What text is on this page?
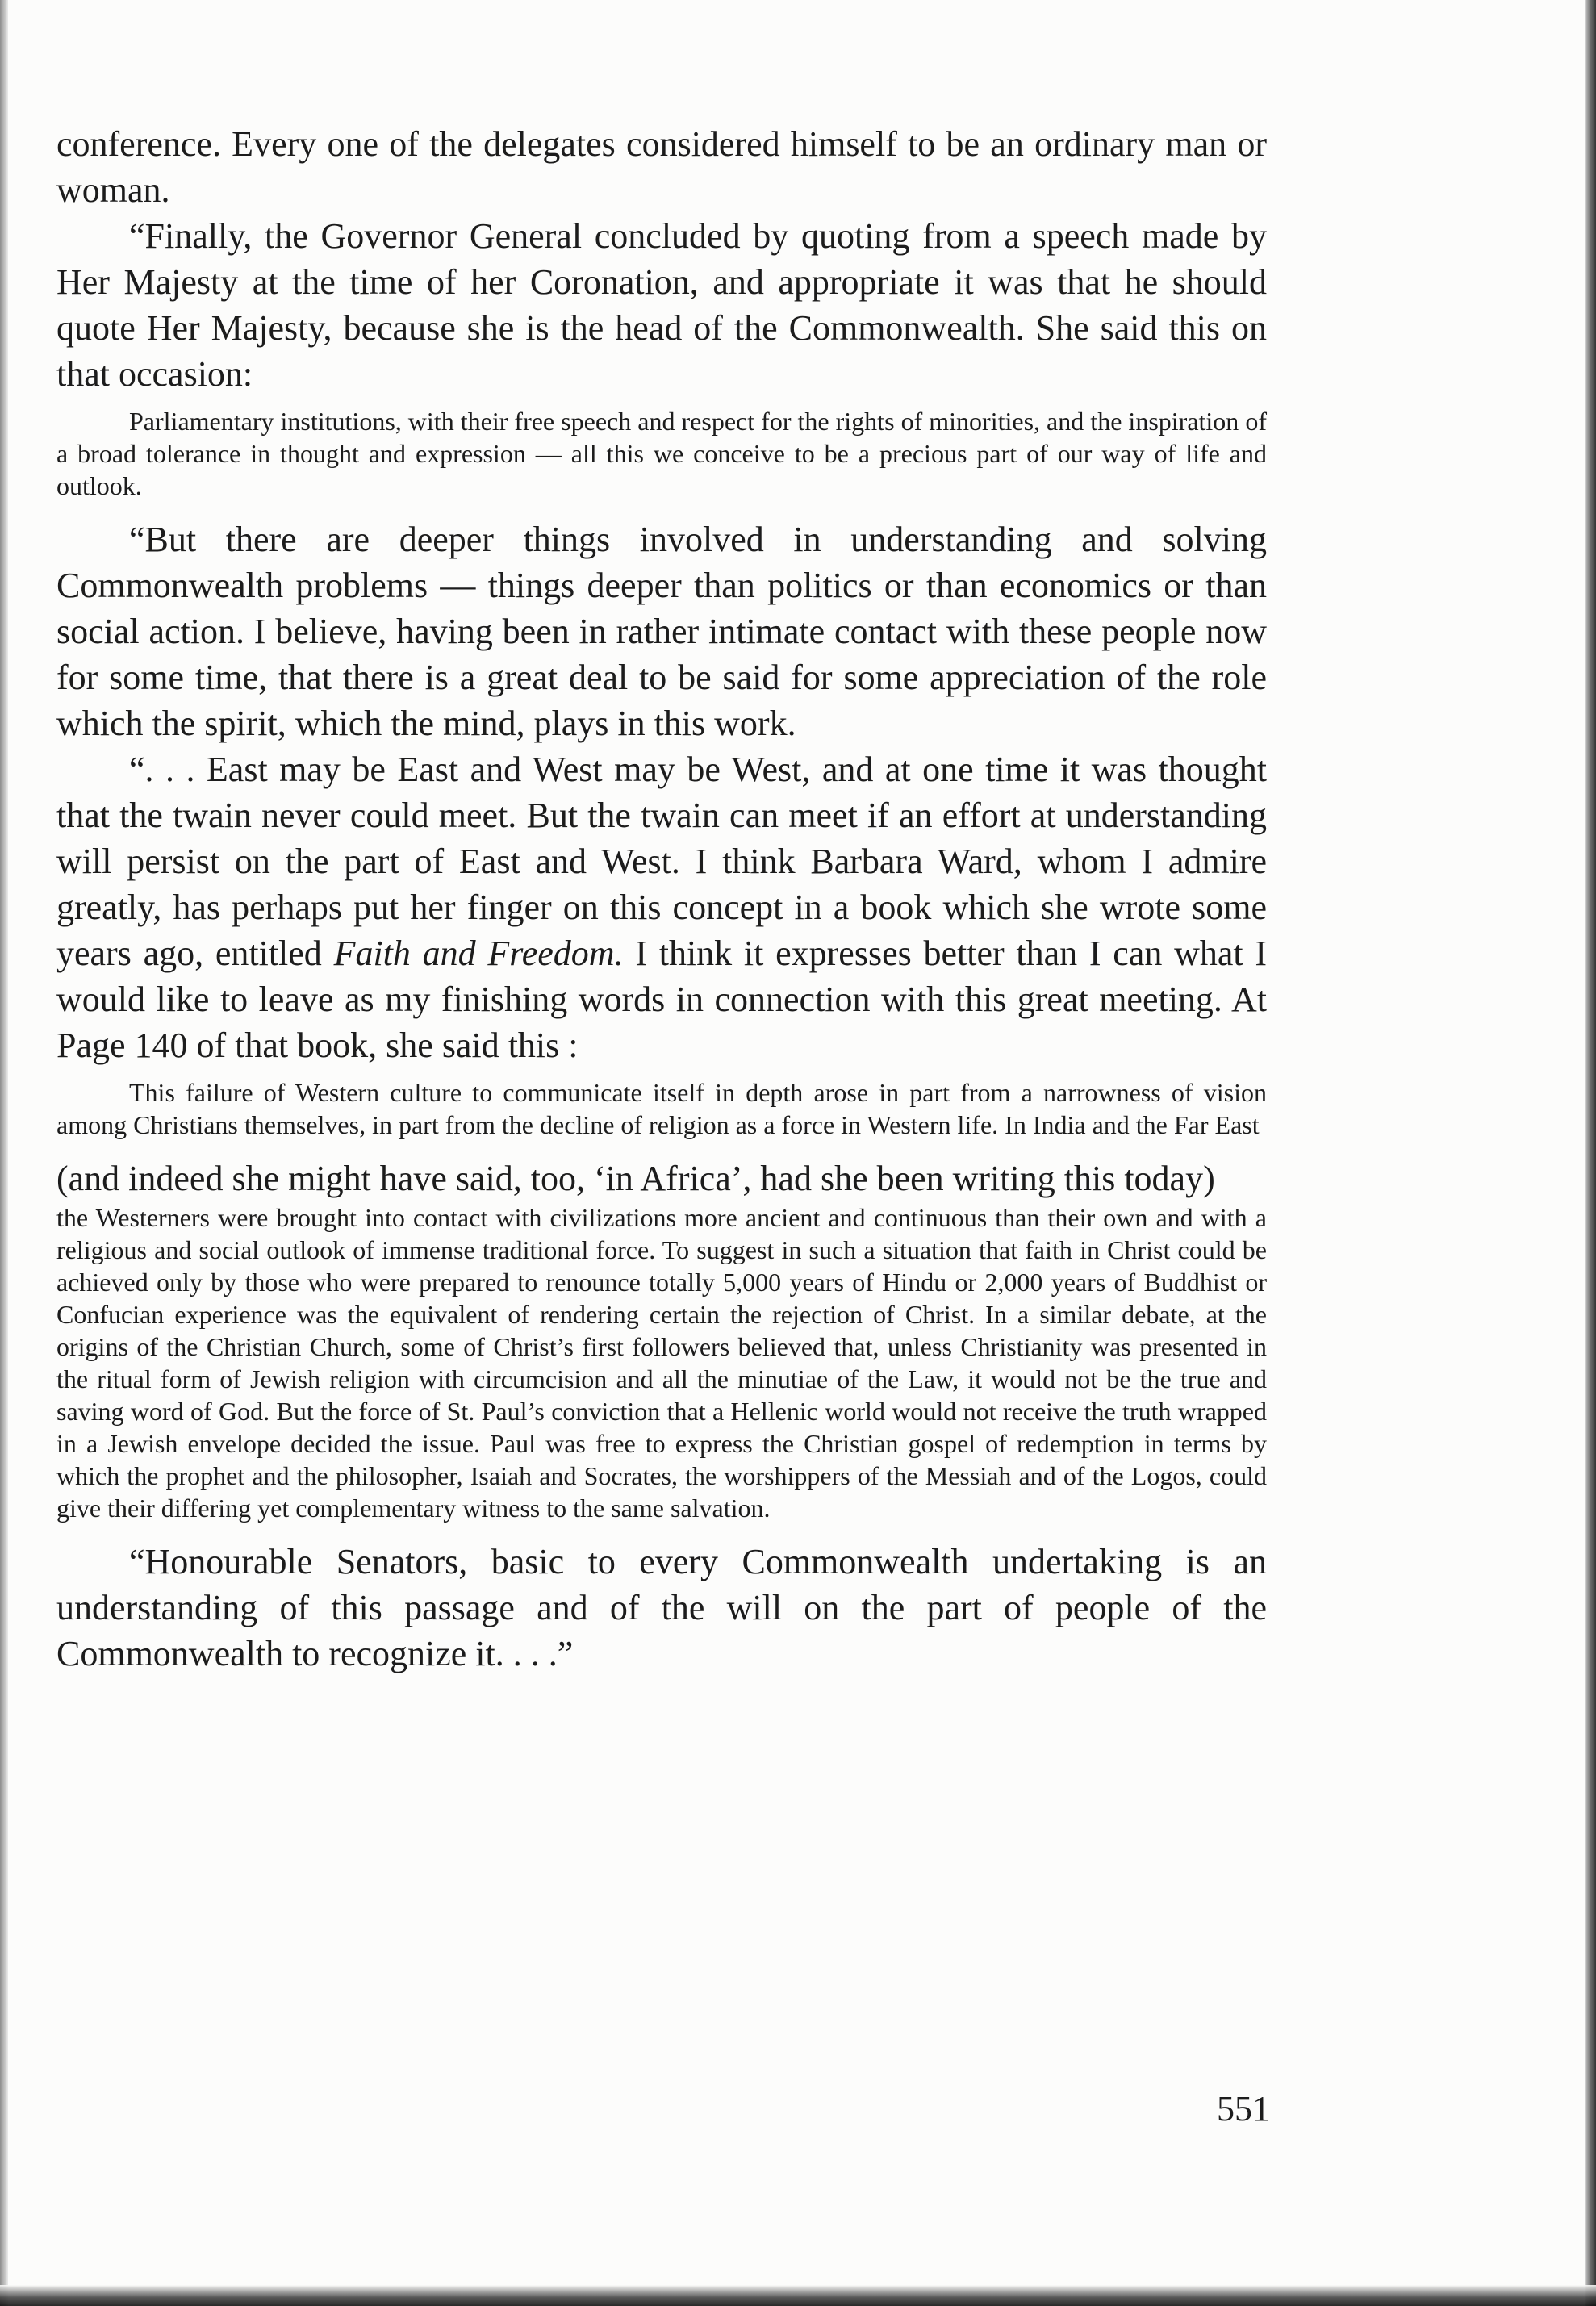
conference. Every one of the delegates considered himself to be an ordinary man or woman.

“Finally, the Governor General concluded by quoting from a speech made by Her Majesty at the time of her Coronation, and appropriate it was that he should quote Her Majesty, because she is the head of the Commonwealth. She said this on that occasion:

Parliamentary institutions, with their free speech and respect for the rights of minorities, and the inspiration of a broad tolerance in thought and expression — all this we conceive to be a precious part of our way of life and outlook.

“But there are deeper things involved in understanding and solving Commonwealth problems — things deeper than politics or than economics or than social action. I believe, having been in rather intimate contact with these people now for some time, that there is a great deal to be said for some appreciation of the role which the spirit, which the mind, plays in this work.

“. . . East may be East and West may be West, and at one time it was thought that the twain never could meet. But the twain can meet if an effort at understanding will persist on the part of East and West. I think Barbara Ward, whom I admire greatly, has perhaps put her finger on this concept in a book which she wrote some years ago, entitled Faith and Freedom. I think it expresses better than I can what I would like to leave as my finishing words in connection with this great meeting. At Page 140 of that book, she said this :

This failure of Western culture to communicate itself in depth arose in part from a narrowness of vision among Christians themselves, in part from the decline of religion as a force in Western life. In India and the Far East

(and indeed she might have said, too, ‘in Africa’, had she been writing this today)

the Westerners were brought into contact with civilizations more ancient and continuous than their own and with a religious and social outlook of immense traditional force. To suggest in such a situation that faith in Christ could be achieved only by those who were prepared to renounce totally 5,000 years of Hindu or 2,000 years of Buddhist or Confucian experience was the equivalent of rendering certain the rejection of Christ. In a similar debate, at the origins of the Christian Church, some of Christ’s first followers believed that, unless Christianity was presented in the ritual form of Jewish religion with circumcision and all the minutiae of the Law, it would not be the true and saving word of God. But the force of St. Paul’s conviction that a Hellenic world would not receive the truth wrapped in a Jewish envelope decided the issue. Paul was free to express the Christian gospel of redemption in terms by which the prophet and the philosopher, Isaiah and Socrates, the worshippers of the Messiah and of the Logos, could give their differing yet complementary witness to the same salvation.

“Honourable Senators, basic to every Commonwealth undertaking is an understanding of this passage and of the will on the part of people of the Commonwealth to recognize it. . . .”

551
